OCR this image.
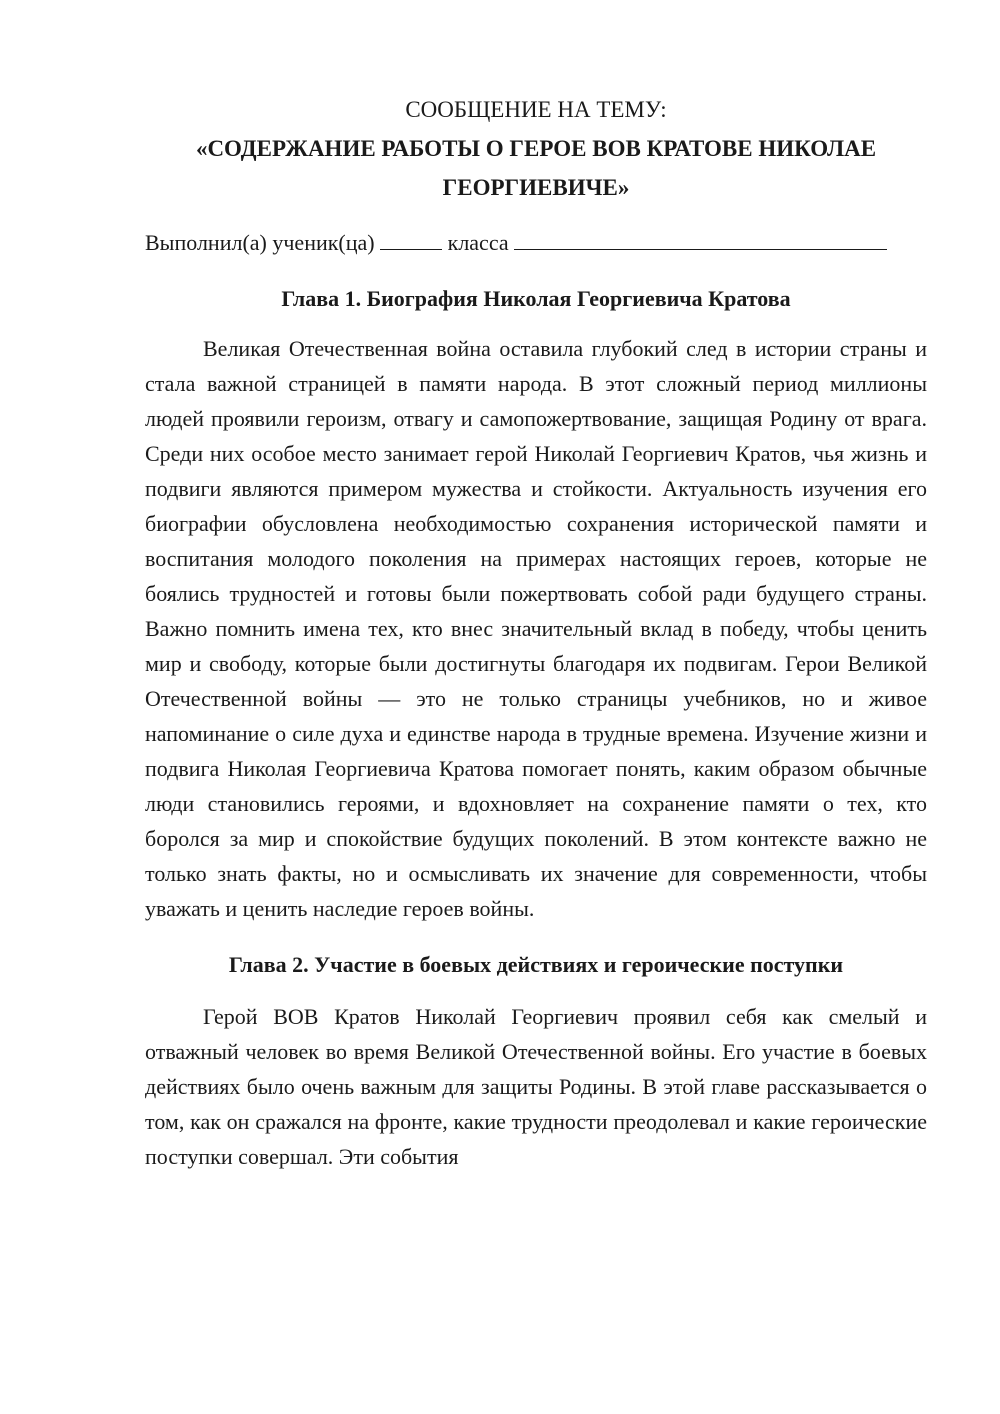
СООБЩЕНИЕ НА ТЕМУ:

«СОДЕРЖАНИЕ РАБОТЫ О ГЕРОЕ ВОВ КРАТОВЕ НИКОЛАЕ

ГЕОРГИЕВИЧЕ»

Выполнил(а) ученик(ца)	класса

Глава 1. Биография Николая Георгиевича Кратова

Великая Отечественная война оставила глубокий след в истории страны и стала важной страницей в памяти народа. В этот сложный период миллионы людей проявили героизм, отвагу и самопожертвование, защищая Родину от врага. Среди них особое место занимает герой Николай Георгиевич Кратов, чья жизнь и подвиги являются примером мужества и стойкости. Актуальность изучения его биографии обусловлена необходимостью сохранения исторической памяти и воспитания молодого поколения на примерах настоящих героев, которые не боялись трудностей и готовы были пожертвовать собой ради будущего страны. Важно помнить имена тех, кто внес значительный вклад в победу, чтобы ценить мир и свободу, которые были достигнуты благодаря их подвигам. Герои Великой Отечественной войны — это не только страницы учебников, но и живое напоминание о силе духа и единстве народа в трудные времена. Изучение жизни и подвига Николая Георгиевича Кратова помогает понять, каким образом обычные люди становились героями, и вдохновляет на сохранение памяти о тех, кто боролся за мир и спокойствие будущих поколений. В этом контексте важно не только знать факты, но и осмысливать их значение для современности, чтобы уважать и ценить наследие героев войны.

Глава 2. Участие в боевых действиях и героические поступки

Герой ВОВ Кратов Николай Георгиевич проявил себя как смелый и отважный человек во время Великой Отечественной войны. Его участие в боевых действиях было очень важным для защиты Родины. В этой главе рассказывается о том, как он сражался на фронте, какие трудности преодолевал и какие героические поступки совершал. Эти события
